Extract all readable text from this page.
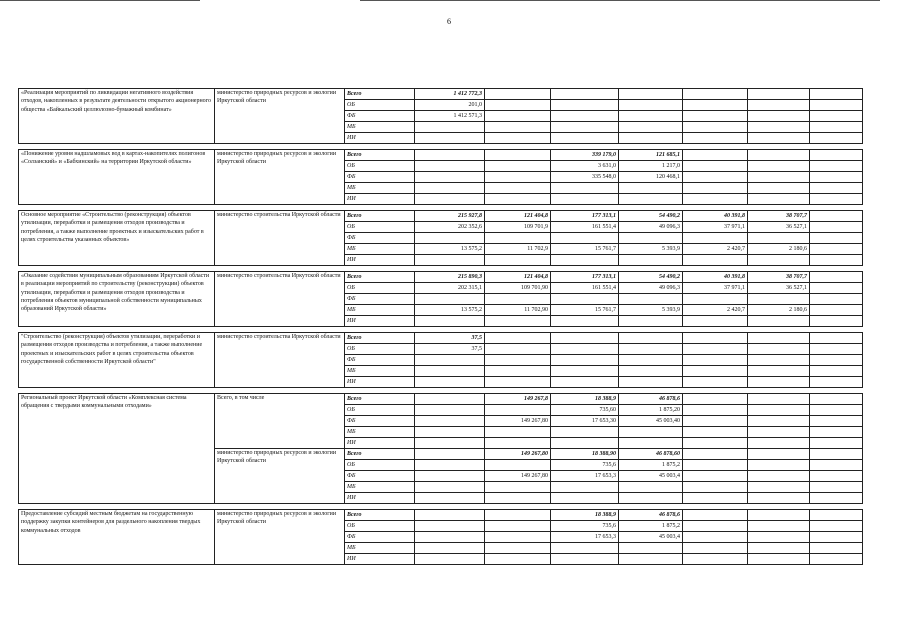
6
«Реализация мероприятий по ликвидации негативного воздействия отходов, накопленных в результате деятельности открытого акционерного общества «Байкальский целлюлозно-бумажный комбинат»	министерство природных ресурсов и экологии Иркутской области	Всего	1 412 772,3						
		ОБ	201,0						
		ФБ	1 412 571,3						
		МБ							
		ИИ							

«Понижение уровня надшламовых вод в картах-накопителях полигонов «Солзанский» и «Бабхинский» на территории Иркутской области»	министерство природных ресурсов и экологии Иркутской области	Всего			339 179,0	121 685,1			
		ОБ			3 631,0	1 217,0			
		ФБ			335 548,0	120 468,1			
		МБ							
		ИИ							

Основное мероприятие «Строительство (реконструкция) объектов утилизации, переработки и размещения отходов производства и потребления, а также выполнение проектных и изыскательских работ в целях строительства указанных объектов»	министерство строительства Иркутской области	Всего	215 927,8	121 404,8	177 313,1	54 490,2	40 391,8	38 707,7	
		ОБ	202 352,6	109 701,9	161 551,4	49 096,3	37 971,1	36 527,1	
		ФБ							
		МБ	13 575,2	11 702,9	15 761,7	5 393,9	2 420,7	2 180,6	
		ИИ							

«Оказание содействия муниципальным образованиям Иркутской области в реализации мероприятий по строительству (реконструкции) объектов утилизации, переработки и размещения отходов производства и потребления объектов муниципальной собственности муниципальных образований Иркутской области»	министерство строительства Иркутской области	Всего	215 890,3	121 404,8	177 313,1	54 490,2	40 391,8	38 707,7	
		ОБ	202 315,1	109 701,90	161 551,4	49 096,3	37 971,1	36 527,1	
		ФБ							
		МБ	13 575,2	11 702,90	15 761,7	5 393,9	2 420,7	2 180,6	
		ИИ							

"Строительство (реконструкция) объектов утилизации, переработки и размещения отходов производства и потребления, а также выполнение проектных и изыскательских работ в целях строительства объектов государственной собственности Иркутской области"	министерство строительства Иркутской области	Всего	37,5						
		ОБ	37,5						
		ФБ							
		МБ							
		ИИ							

Региональный проект Иркутской области «Комплексная система обращения с твердыми коммунальными отходами»	Всего, в том числе	Всего		149 267,8	18 388,9	46 878,6			
		ОБ			735,60	1 875,20			
		ФБ		149 267,80	17 653,30	45 003,40			
		МБ							
		ИИ							
	министерство природных ресурсов и экологии Иркутской области	Всего		149 267,80	18 388,90	46 878,60			
		ОБ			735,6	1 875,2			
		ФБ		149 267,80	17 653,3	45 003,4			
		МБ							
		ИИ							

Предоставление субсидий местным бюджетам на государственную поддержку закупки контейнеров для раздельного накопления твердых коммунальных отходов	министерство природных ресурсов и экологии Иркутской области	Всего			18 388,9	46 878,6			
		ОБ			735,6	1 875,2			
		ФБ			17 653,3	45 003,4			
		МБ							
		ИИ							
